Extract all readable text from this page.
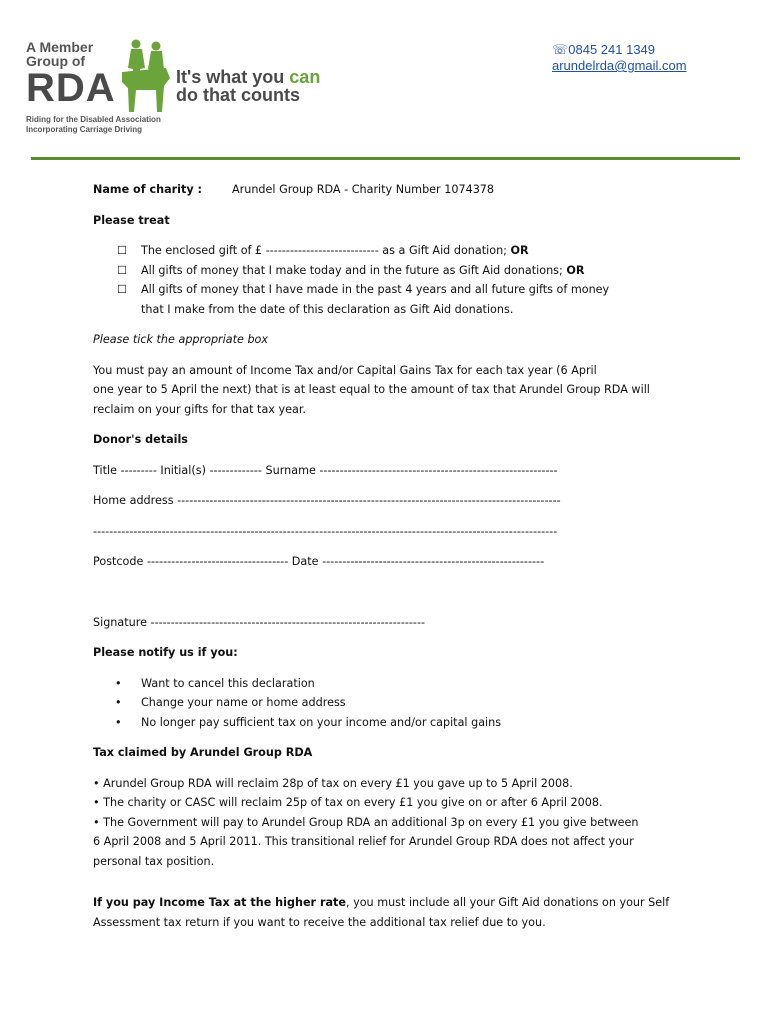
A Member
Group of
RDA	It's what you can
do that counts
Riding for the Disabled Association
Incorporating Carriage Driving
☏0845 241 1349
arundelrda@gmail.com
Name of charity :	Arundel Group RDA - Charity Number 1074378

Please treat

☐	The enclosed gift of £ ---------------------------- as a Gift Aid donation; OR
☐	All gifts of money that I make today and in the future as Gift Aid donations; OR
☐	All gifts of money that I have made in the past 4 years and all future gifts of money
that I make from the date of this declaration as Gift Aid donations.

Please tick the appropriate box

You must pay an amount of Income Tax and/or Capital Gains Tax for each tax year (6 April

one year to 5 April the next) that is at least equal to the amount of tax that Arundel Group RDA will

reclaim on your gifts for that tax year.

Donor's details

Title --------- Initial(s) ------------- Surname -----------------------------------------------------------

Home address -----------------------------------------------------------------------------------------------

-------------------------------------------------------------------------------------------------------------------

Postcode ----------------------------------- Date -------------------------------------------------------

Signature --------------------------------------------------------------------

Please notify us if you:

•	Want to cancel this declaration
•	Change your name or home address
•	No longer pay sufficient tax on your income and/or capital gains

Tax claimed by Arundel Group RDA

• Arundel Group RDA will reclaim 28p of tax on every £1 you gave up to 5 April 2008.

• The charity or CASC will reclaim 25p of tax on every £1 you give on or after 6 April 2008.

• The Government will pay to Arundel Group RDA an additional 3p on every £1 you give between

6 April 2008 and 5 April 2011. This transitional relief for Arundel Group RDA does not affect your

personal tax position.

If you pay Income Tax at the higher rate, you must include all your Gift Aid donations on your Self

Assessment tax return if you want to receive the additional tax relief due to you.
